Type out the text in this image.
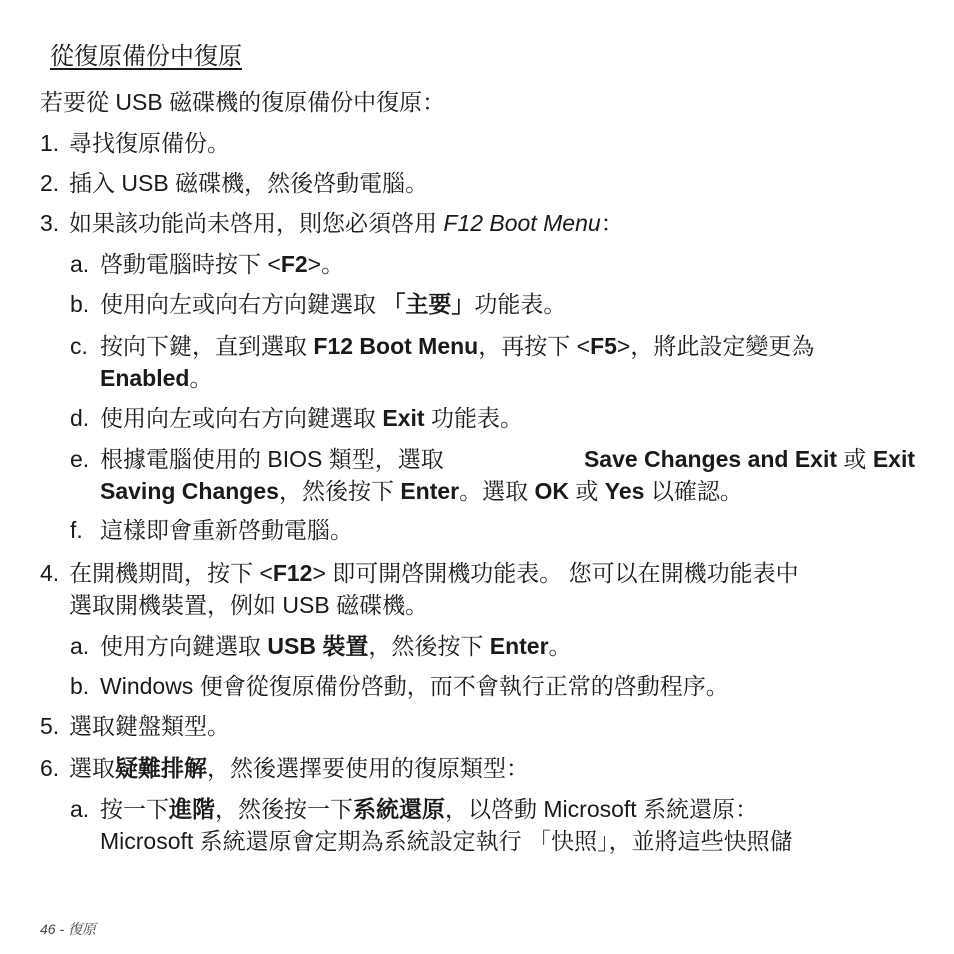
從復原備份中復原
若要從 USB 磁碟機的復原備份中復原：
1. 尋找復原備份。
2. 插入 USB 磁碟機，然後啓動電腦。
3. 如果該功能尚未啓用，則您必須啓用 F12 Boot Menu：
a. 啓動電腦時按下 <F2>。
b. 使用向左或向右方向鍵選取 「主要」功能表。
c. 按向下鍵，直到選取 F12 Boot Menu，再按下 <F5>，將此設定變更為
Enabled。
d. 使用向左或向右方向鍵選取 Exit 功能表。
e. 根據電腦使用的 BIOS 類型，選取	Save Changes and Exit 或 Exit
Saving Changes，然後按下 Enter。選取 OK 或 Yes 以確認。
f. 這樣即會重新啓動電腦。
4. 在開機期間，按下 <F12> 即可開啓開機功能表。 您可以在開機功能表中
選取開機裝置，例如 USB 磁碟機。
a. 使用方向鍵選取 USB 裝置，然後按下 Enter。
b. Windows 便會從復原備份啓動，而不會執行正常的啓動程序。
5. 選取鍵盤類型。
6. 選取疑難排解，然後選擇要使用的復原類型：
a. 按一下進階，然後按一下系統還原，以啓動 Microsoft 系統還原：
Microsoft 系統還原會定期為系統設定執行 「快照」，並將這些快照儲
46 - 復原
